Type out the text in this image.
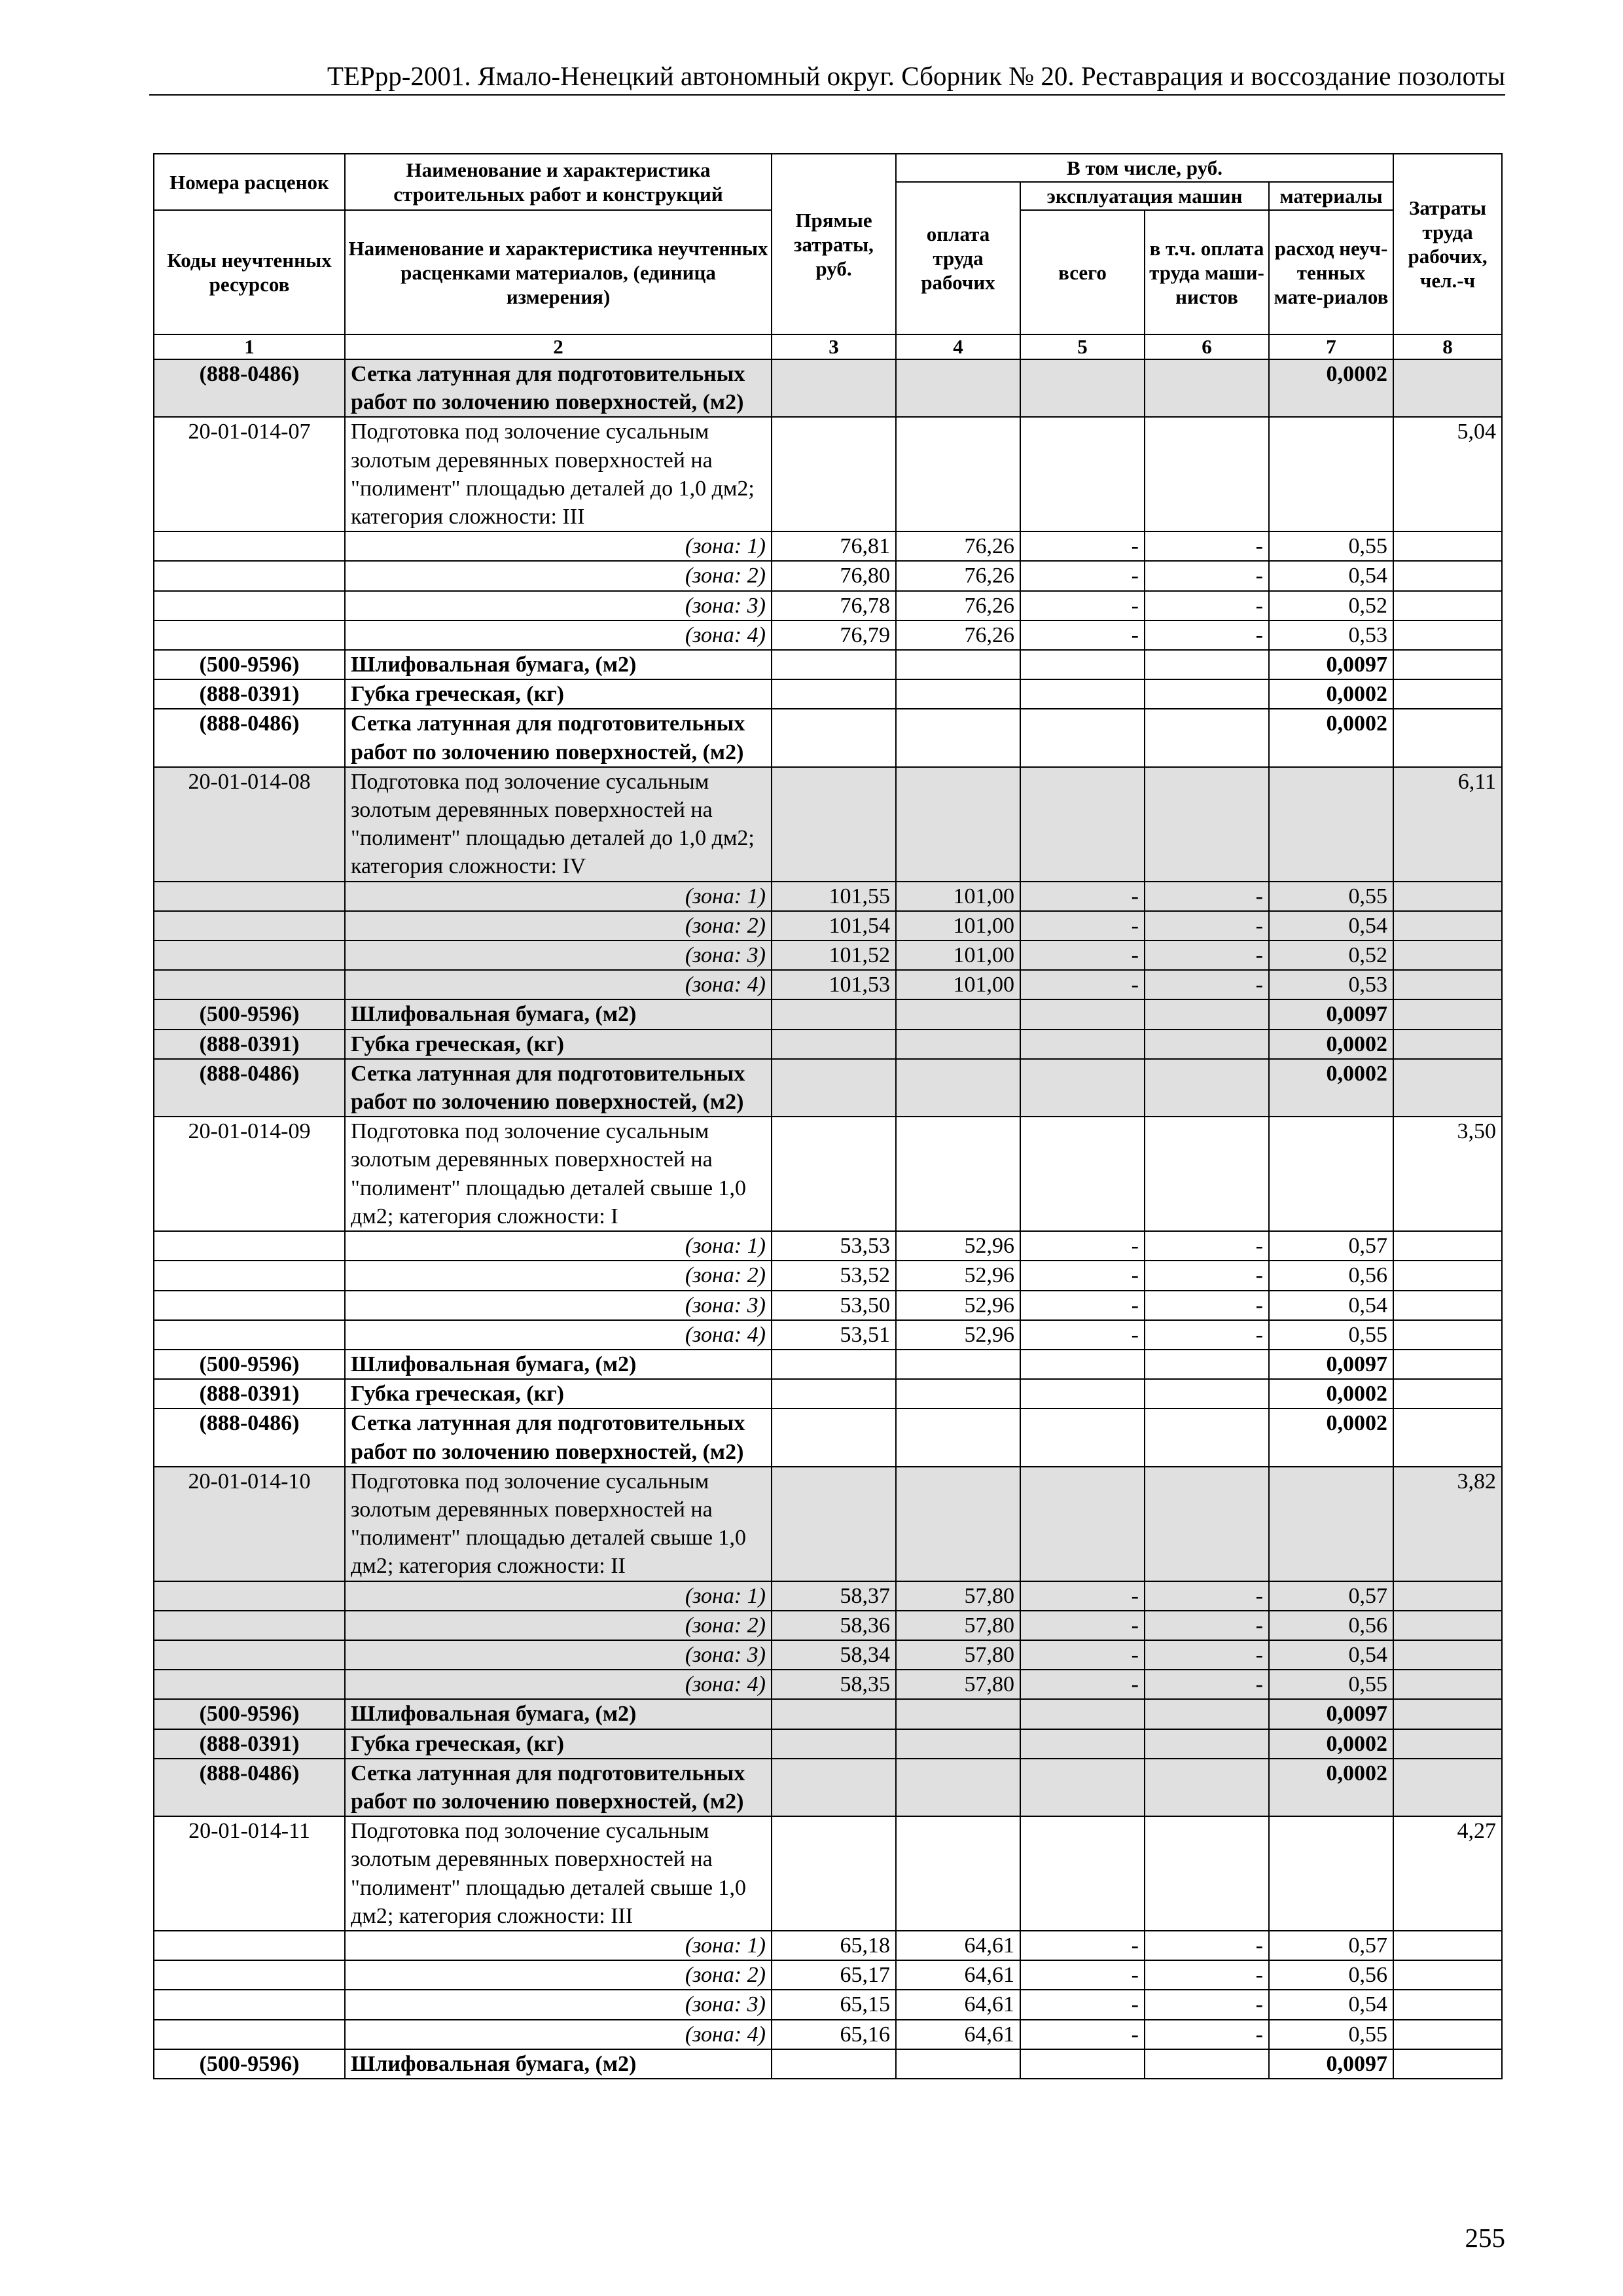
ТЕРрр-2001. Ямало-Ненецкий автономный округ. Сборник № 20. Реставрация и воссоздание позолоты
Номера расценок	Наименование и характеристика строительных работ и конструкций	Прямые затраты, руб.	В том числе, руб.				Затраты труда рабочих, чел.-ч
			оплата труда рабочих	эксплуатация машин		материалы	
Коды неучтенных ресурсов	Наименование и характеристика неучтенных расценками материалов, (единица измерения)			всего	в т.ч. оплата труда маши-нистов	расход неуч-тенных мате-риалов	

1	2	3	4	5	6	7	8
(888-0486)	Сетка латунная для подготовительных работ по золочению поверхностей, (м2)					0,0002	
20-01-014-07	Подготовка под золочение сусальным золотым деревянных поверхностей на "полимент" площадью деталей до 1,0 дм2; категория сложности: III						5,04
	(зона: 1)	76,81	76,26	-	-	0,55	
	(зона: 2)	76,80	76,26	-	-	0,54	
	(зона: 3)	76,78	76,26	-	-	0,52	
	(зона: 4)	76,79	76,26	-	-	0,53	
(500-9596)	Шлифовальная бумага, (м2)					0,0097	
(888-0391)	Губка греческая, (кг)					0,0002	
(888-0486)	Сетка латунная для подготовительных работ по золочению поверхностей, (м2)					0,0002	
20-01-014-08	Подготовка под золочение сусальным золотым деревянных поверхностей на "полимент" площадью деталей до 1,0 дм2; категория сложности: IV						6,11
	(зона: 1)	101,55	101,00	-	-	0,55	
	(зона: 2)	101,54	101,00	-	-	0,54	
	(зона: 3)	101,52	101,00	-	-	0,52	
	(зона: 4)	101,53	101,00	-	-	0,53	
(500-9596)	Шлифовальная бумага, (м2)					0,0097	
(888-0391)	Губка греческая, (кг)					0,0002	
(888-0486)	Сетка латунная для подготовительных работ по золочению поверхностей, (м2)					0,0002	
20-01-014-09	Подготовка под золочение сусальным золотым деревянных поверхностей на "полимент" площадью деталей свыше 1,0 дм2; категория сложности: I						3,50
	(зона: 1)	53,53	52,96	-	-	0,57	
	(зона: 2)	53,52	52,96	-	-	0,56	
	(зона: 3)	53,50	52,96	-	-	0,54	
	(зона: 4)	53,51	52,96	-	-	0,55	
(500-9596)	Шлифовальная бумага, (м2)					0,0097	
(888-0391)	Губка греческая, (кг)					0,0002	
(888-0486)	Сетка латунная для подготовительных работ по золочению поверхностей, (м2)					0,0002	
20-01-014-10	Подготовка под золочение сусальным золотым деревянных поверхностей на "полимент" площадью деталей свыше 1,0 дм2; категория сложности: II						3,82
	(зона: 1)	58,37	57,80	-	-	0,57	
	(зона: 2)	58,36	57,80	-	-	0,56	
	(зона: 3)	58,34	57,80	-	-	0,54	
	(зона: 4)	58,35	57,80	-	-	0,55	
(500-9596)	Шлифовальная бумага, (м2)					0,0097	
(888-0391)	Губка греческая, (кг)					0,0002	
(888-0486)	Сетка латунная для подготовительных работ по золочению поверхностей, (м2)					0,0002	
20-01-014-11	Подготовка под золочение сусальным золотым деревянных поверхностей на "полимент" площадью деталей свыше 1,0 дм2; категория сложности: III						4,27
	(зона: 1)	65,18	64,61	-	-	0,57	
	(зона: 2)	65,17	64,61	-	-	0,56	
	(зона: 3)	65,15	64,61	-	-	0,54	
	(зона: 4)	65,16	64,61	-	-	0,55	
(500-9596)	Шлифовальная бумага, (м2)					0,0097	
255
